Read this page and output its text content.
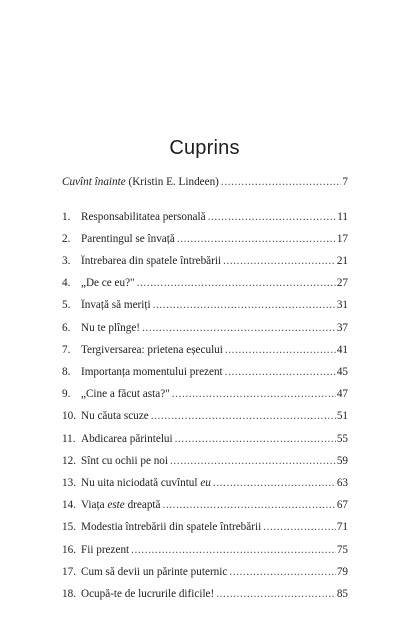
Cuprins
Cuvînt înainte (Kristin E. Lindeen) .....	7
1. Responsabilitatea personală .....	11
2. Parentingul se învață .....	17
3. Întrebarea din spatele întrebării .....	21
4. „De ce eu?" .....	27
5. Învață să meriți .....	31
6. Nu te plînge! .....	37
7. Tergiversarea: prietena eșecului .....	41
8. Importanța momentului prezent .....	45
9. „Cine a făcut asta?" .....	47
10. Nu căuta scuze .....	51
11. Abdicarea părintelui .....	55
12. Sînt cu ochii pe noi .....	59
13. Nu uita niciodată cuvîntul eu .....	63
14. Viața este dreaptă .....	67
15. Modestia întrebării din spatele întrebării .....	71
16. Fii prezent .....	75
17. Cum să devii un părinte puternic .....	79
18. Ocupă-te de lucrurile dificile! .....	85
